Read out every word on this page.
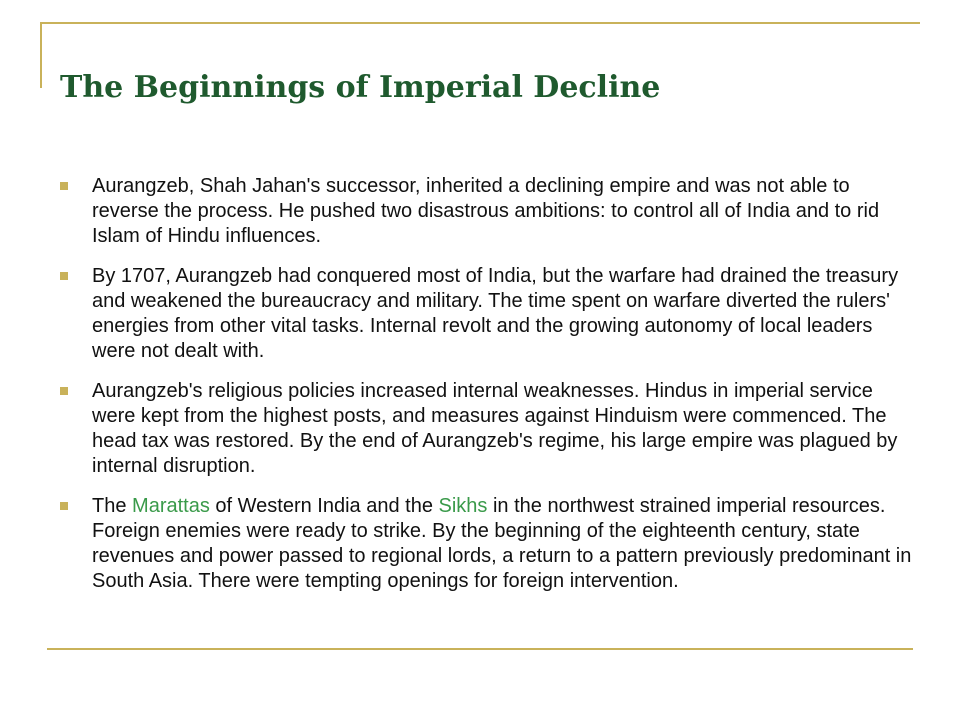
The Beginnings of Imperial Decline
Aurangzeb, Shah Jahan's successor, inherited a declining empire and was not able to reverse the process. He pushed two disastrous ambitions: to control all of India and to rid Islam of Hindu influences.
By 1707, Aurangzeb had conquered most of India, but the warfare had drained the treasury and weakened the bureaucracy and military. The time spent on warfare diverted the rulers' energies from other vital tasks. Internal revolt and the growing autonomy of local leaders were not dealt with.
Aurangzeb's religious policies increased internal weaknesses. Hindus in imperial service were kept from the highest posts, and measures against Hinduism were commenced. The head tax was restored. By the end of Aurangzeb's regime, his large empire was plagued by internal disruption.
The Marattas of Western India and the Sikhs in the northwest strained imperial resources. Foreign enemies were ready to strike. By the beginning of the eighteenth century, state revenues and power passed to regional lords, a return to a pattern previously predominant in South Asia. There were tempting openings for foreign intervention.
